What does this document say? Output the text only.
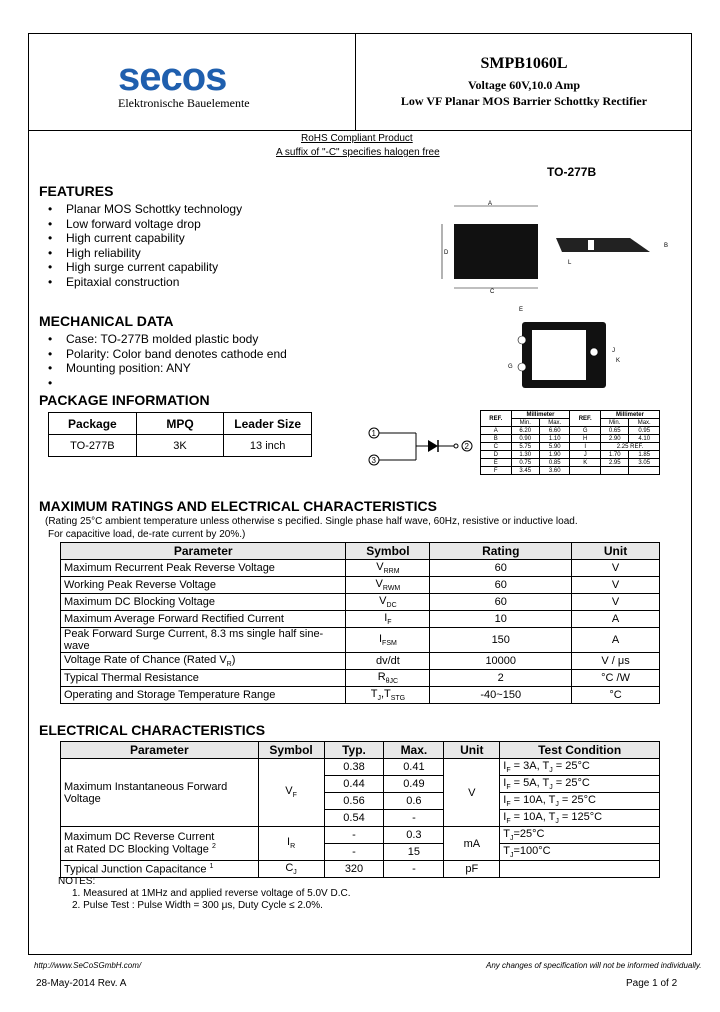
secos
Elektronische Bauelemente
SMPB1060L
Voltage 60V,10.0 Amp
Low VF Planar MOS Barrier Schottky Rectifier
RoHS Compliant Product
A suffix of "-C" specifies halogen free
TO-277B
FEATURES
• Planar MOS Schottky technology
• Low forward voltage drop
• High current capability
• High reliability
• High surge current capability
• Epitaxial construction
A
C
D
B
L
E
G
J
K
MECHANICAL DATA
• Case: TO-277B molded plastic body
• Polarity: Color band denotes cathode end
• Mounting position: ANY
PACKAGE INFORMATION
Package	MPQ	Leader Size
TO-277B	3K	13 inch
1
3
2
REF.	Millimeter		REF.	Millimeter	
	Min.	Max.		Min.	Max.
A	6.20	6.60	G	0.65	0.95
B	0.90	1.10	H	2.90	4.10
C	5.75	5.90	I	2.25 REF.	
D	1.30	1.90	J	1.70	1.85
E	0.75	0.85	K	2.95	3.05
F	3.45	3.60			
MAXIMUM RATINGS AND ELECTRICAL CHARACTERISTICS
(Rating 25°C ambient temperature unless otherwise s pecified. Single phase half wave, 60Hz, resistive or inductive load.
For capacitive load, de-rate current by 20%.)
Parameter	Symbol	Rating	Unit
Maximum Recurrent Peak Reverse Voltage	$V_{RRM}$	60	V
Working Peak Reverse Voltage	$V_{RWM}$	60	V
Maximum DC Blocking Voltage	$V_{DC}$	60	V
Maximum Average Forward Rectified Current	$I_F$	10	A
Peak Forward Surge Current, 8.3 ms single half sine-wave	$I_{FSM}$	150	A
Voltage Rate of Chance (Rated $V_R$)	dv/dt	10000	V / μs
Typical Thermal Resistance	$R_{\theta JC}$	2	°C /W
Operating and Storage Temperature Range	$T_J,T_{STG}$	-40~150	°C
ELECTRICAL CHARACTERISTICS
Parameter	Symbol	Typ.	Max.	Unit	Test Condition

Maximum Instantaneous Forward
Voltage	$V_F$	0.38	0.41	V	$I_F = 3A$, $T_J = 25^\circ C$
		0.44	0.49		$I_F = 5A$, $T_J = 25^\circ C$
		0.56	0.6		$I_F = 10A$, $T_J = 25^\circ C$
		0.54	-		$I_F = 10A$, $T_J = 125^\circ C$

Maximum DC Reverse Current
at Rated DC Blocking Voltage $^2$	$I_R$	-	0.3	mA	$T_J=25^\circ C$
		-	15		$T_J=100^\circ C$
Typical Junction Capacitance $^1$	$C_J$	320	-	pF	
NOTES:
1. Measured at 1MHz and applied reverse voltage of 5.0V D.C.
2. Pulse Test : Pulse Width = 300 μs, Duty Cycle ≤ 2.0%.
http://www.SeCoSGmbH.com/	Any changes of specification will not be informed individually.
28-May-2014 Rev. A	Page 1 of 2
